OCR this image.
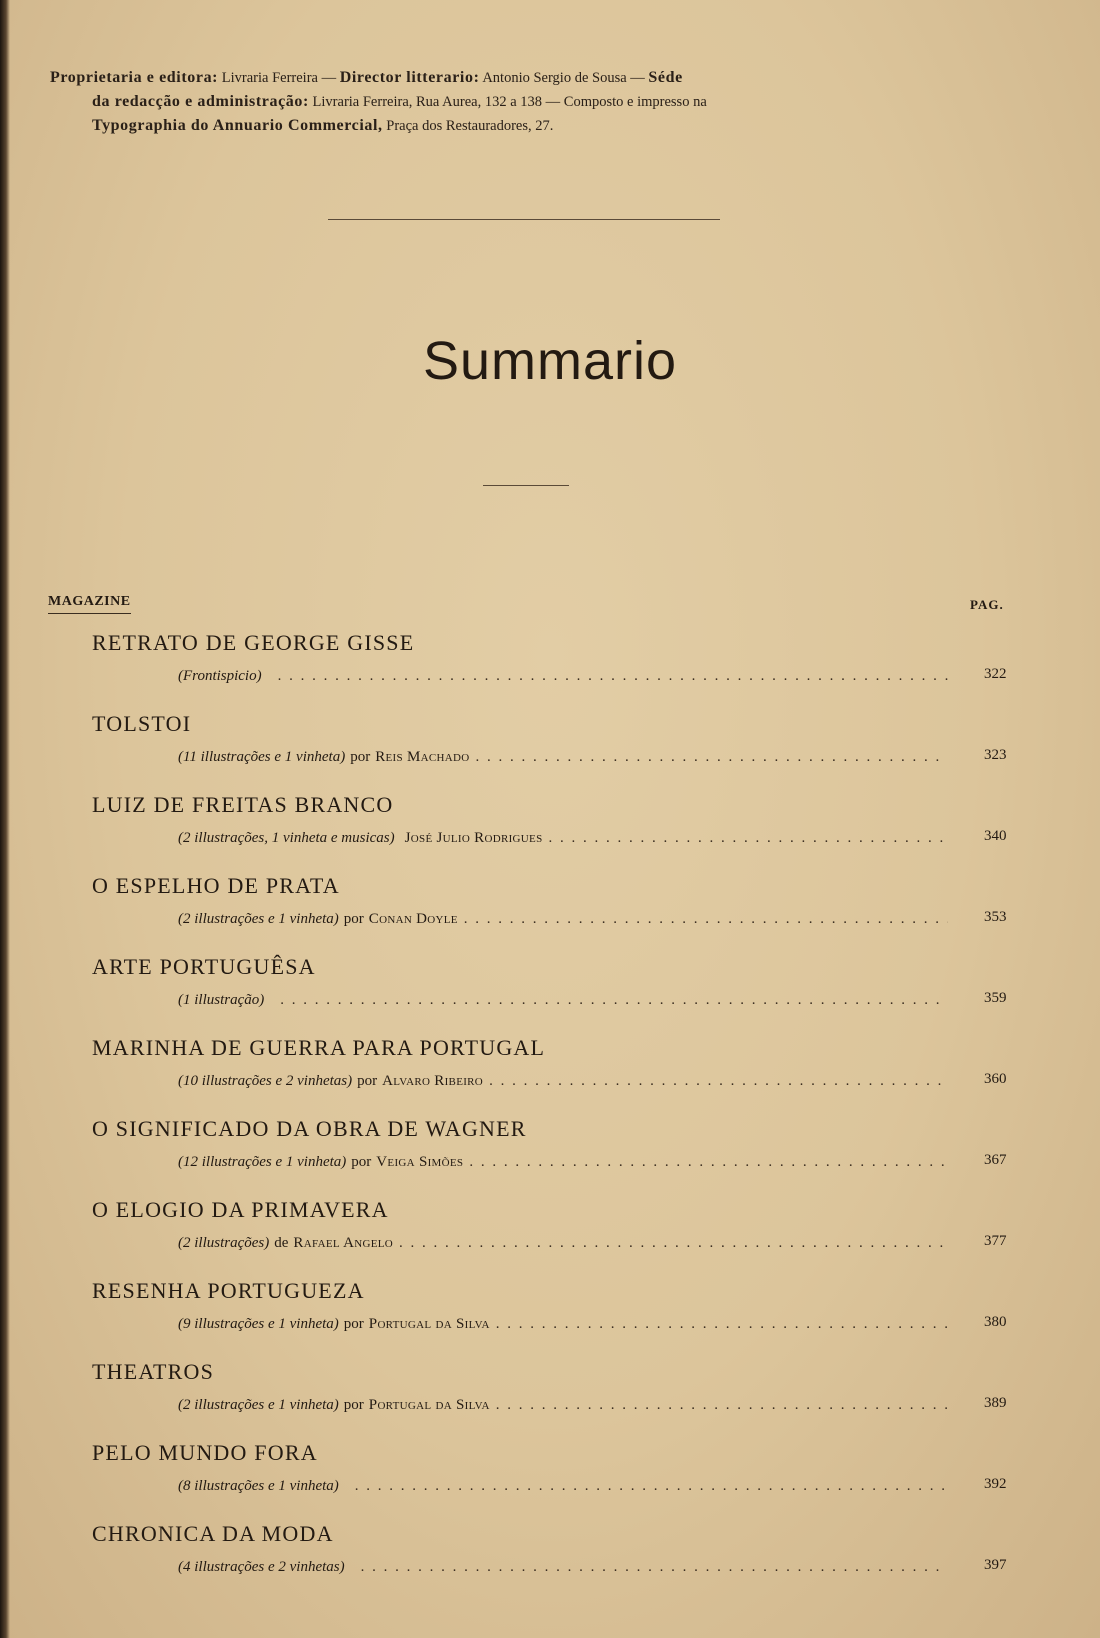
Proprietaria e editora: Livraria Ferreira — Director litterario: Antonio Sergio de Sousa — Séde
da redacção e administração: Livraria Ferreira, Rua Aurea, 132 a 138 — Composto e impresso na
Typographia do Annuario Commercial, Praça dos Restauradores, 27.
Summario
MAGAZINE	PAG.
RETRATO DE GEORGE GISSE
(Frontispicio) . . .	322
TOLSTOI
(11 illustrações e 1 vinheta) por Reis Machado . . .	323
LUIZ DE FREITAS BRANCO
(2 illustrações, 1 vinheta e musicas) José Julio Rodrigues . . .	340
O ESPELHO DE PRATA
(2 illustrações e 1 vinheta) por Conan Doyle . . .	353
ARTE PORTUGUÊSA
(1 illustração) . . .	359
MARINHA DE GUERRA PARA PORTUGAL
(10 illustrações e 2 vinhetas) por Alvaro Ribeiro . . .	360
O SIGNIFICADO DA OBRA DE WAGNER
(12 illustrações e 1 vinheta) por Veiga Simões . . .	367
O ELOGIO DA PRIMAVERA
(2 illustrações) de Rafael Angelo . . .	377
RESENHA PORTUGUEZA
(9 illustrações e 1 vinheta) por Portugal da Silva . . .	380
THEATROS
(2 illustrações e 1 vinheta) por Portugal da Silva . . .	389
PELO MUNDO FORA
(8 illustrações e 1 vinheta) . . .	392
CHRONICA DA MODA
(4 illustrações e 2 vinhetas) . . .	397
